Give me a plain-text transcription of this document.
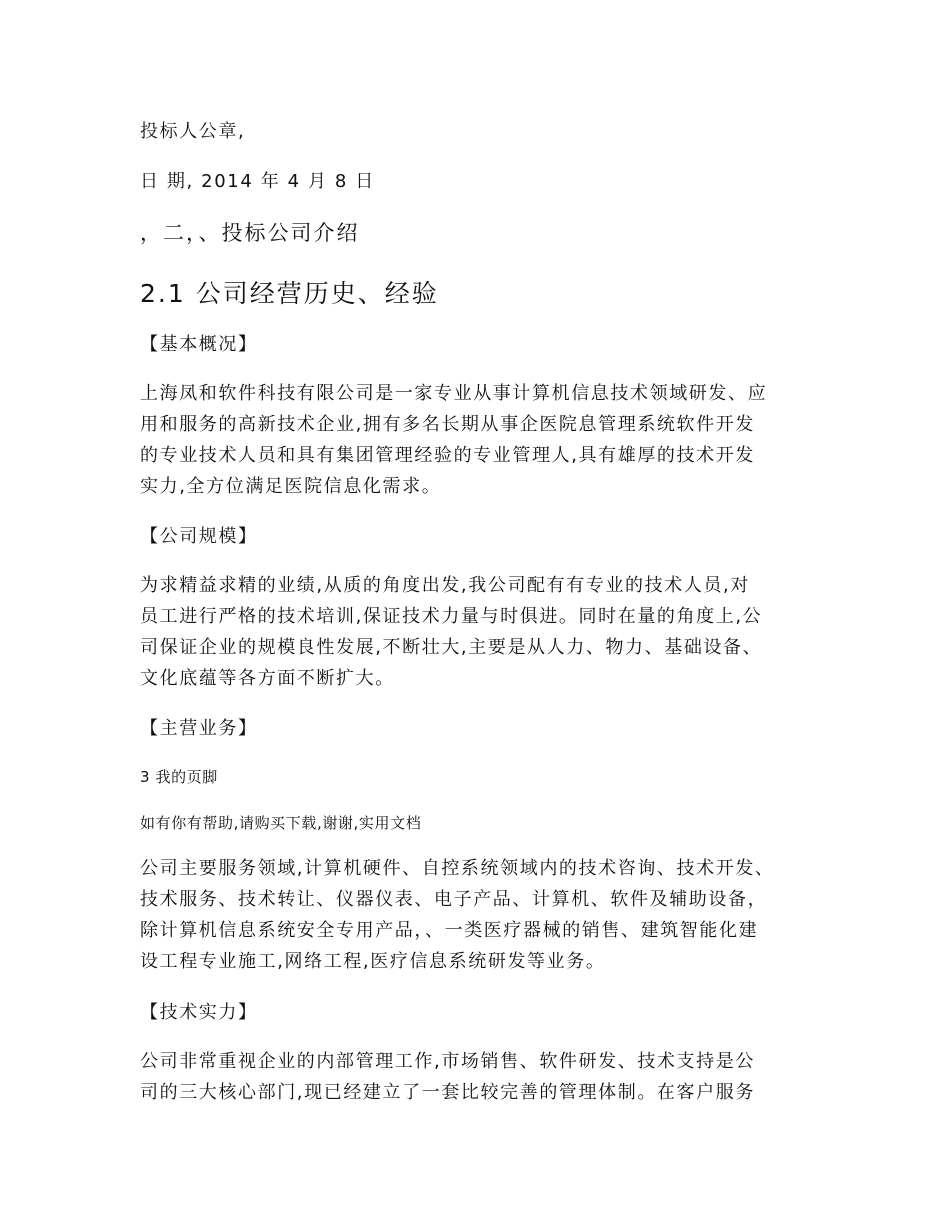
投标人公章,

日 期, 2014 年 4 月 8 日

，二，、投标公司介绍

2.1 公司经营历史、经验

【基本概况】

上海凤和软件科技有限公司是一家专业从事计算机信息技术领域研发、应
用和服务的高新技术企业,拥有多名长期从事企医院息管理系统软件开发
的专业技术人员和具有集团管理经验的专业管理人,具有雄厚的技术开发
实力,全方位满足医院信息化需求。

【公司规模】

为求精益求精的业绩,从质的角度出发,我公司配有有专业的技术人员,对
员工进行严格的技术培训,保证技术力量与时俱进。同时在量的角度上,公
司保证企业的规模良性发展,不断壮大,主要是从人力、物力、基础设备、
文化底蕴等各方面不断扩大。

【主营业务】

3 我的页脚

如有你有帮助,请购买下载,谢谢,实用文档

公司主要服务领域,计算机硬件、自控系统领域内的技术咨询、技术开发、
技术服务、技术转让、仪器仪表、电子产品、计算机、软件及辅助设备，
除计算机信息系统安全专用产品，、一类医疗器械的销售、建筑智能化建
设工程专业施工,网络工程,医疗信息系统研发等业务。

【技术实力】

公司非常重视企业的内部管理工作,市场销售、软件研发、技术支持是公
司的三大核心部门,现已经建立了一套比较完善的管理体制。在客户服务
